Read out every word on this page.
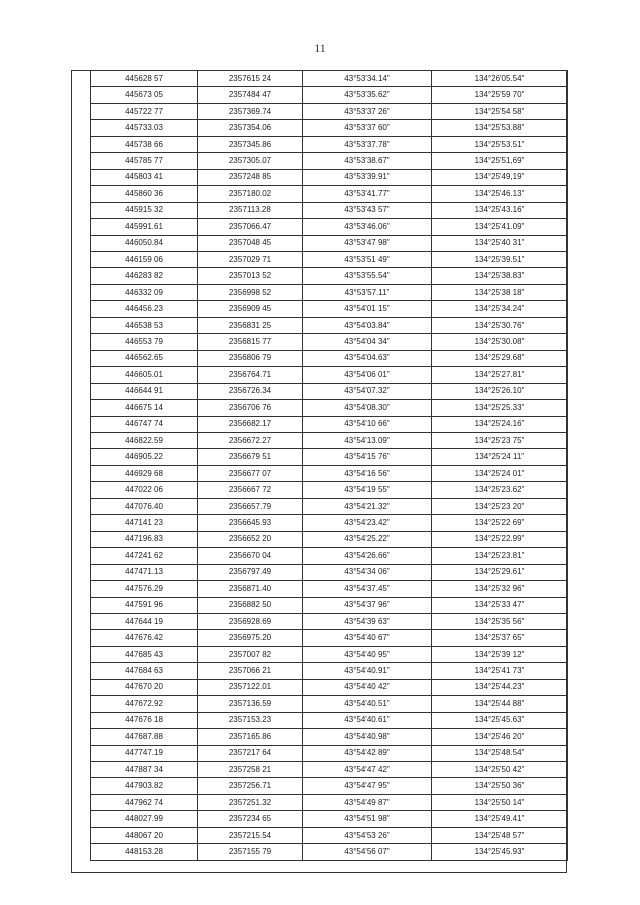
11
445628 57	2357615 24	43°53'34.14"	134°26'05.54"
445673 05	2357484 47	43°53'35.62"	134°25'59 70"
445722 77	2357369.74	43°53'37 26"	134°25'54 58"
445733.03	2357354.06	43°53'37 60"	134°25'53.88"
445738 66	2357345.86	43°53'37.78"	134°25'53.51"
445785 77	2357305.07	43°53'38.67"	134°25'51,69"
445803 41	2357248 85	43°53'39.91"	134°25'49,19"
445860 36	2357180.02	43°53'41.77"	134°25'46.13"
445915 32	2357113.28	43°53'43 57"	134°25'43.16"
445991.61	2357066.47	43°53'46.06"	134°25'41.09"
446050.84	2357048 45	43°53'47 98"	134°25'40 31"
446159 06	2357029 71	43°53'51 49"	134°25'39.51"
446283 82	2357013 52	43°53'55.54"	134°25'38.83"
446332 09	2356998 52	43°53'57.11"	134°25'38 18"
446456.23	2356909 45	43°54'01 15"	134°25'34.24"
446538 53	2356831 25	43°54'03.84"	134°25'30.76"
446553 79	2356815 77	43°54'04 34"	134°25'30.08"
446562.65	2356806 79	43°54'04.63"	134°25'29.68"
446605.01	2356764.71	43°54'06 01"	134°25'27.81"
446644 91	2356726.34	43°54'07.32"	134°25'26.10"
446675 14	2356706 76	43°54'08.30"	134°25'25.33"
446747 74	2356682.17	43°54'10 66"	134°25'24.16"
446822.59	2356672.27	43°54'13.09"	134°25'23 75"
446905.22	2356679 51	43°54'15 76"	134°25'24 11"
446929 68	2356677 07	43°54'16 56"	134°25'24 01"
447022 06	2356667 72	43°54'19 55"	134°25'23.62"
447076.40	2356657.79	43°54'21.32"	134°25'23 20"
447141 23	2356645.93	43°54'23.42"	134°25'22 69"
447196.83	2356652 20	43°54'25.22"	134°25'22.99"
447241 62	2356670 04	43°54'26.66"	134°25'23.81"
447471.13	2356797.49	43°54'34 06"	134°25'29.61"
447576.29	2356871.40	43°54'37.45"	134°25'32 96"
447591 96	2356882 50	43°54'37 96"	134°25'33 47"
447644 19	2356928.69	43°54'39 63"	134°25'35 56"
447676.42	2356975.20	43°54'40 67"	134°25'37 65"
447685 43	2357007 82	43°54'40 95"	134°25'39 12"
447684 63	2357066 21	43°54'40.91"	134°25'41 73"
447670 20	2357122.01	43°54'40 42"	134°25'44.23"
447672.92	2357136.59	43°54'40.51"	134°25'44 88"
447676 18	2357153.23	43°54'40.61"	134°25'45.63"
447687.88	2357165.86	43°54'40.98"	134°25'46 20"
447747.19	2357217 64	43°54'42 89"	134°25'48.54"
447887 34	2357258 21	43°54'47 42"	134°25'50 42"
447903.82	2357256.71	43°54'47 95"	134°25'50 36"
447962 74	2357251.32	43°54'49 87"	134°25'50 14"
448027.99	2357234 65	43°54'51 98"	134°25'49.41"
448067 20	2357215.54	43°54'53 26"	134°25'48 57"
448153.28	2357155 79	43°54'56 07"	134°25'45.93"
